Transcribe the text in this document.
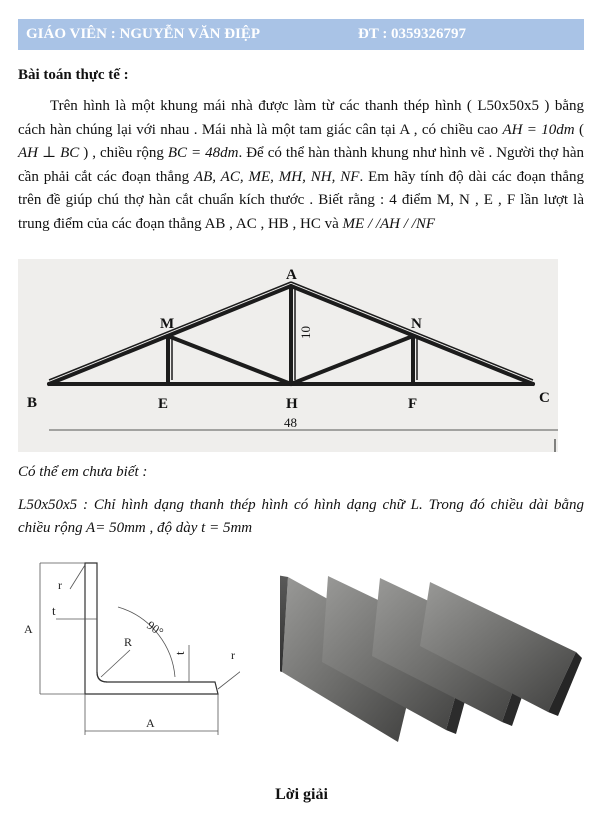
GIÁO VIÊN : NGUYỄN VĂN ĐIỆP	ĐT : 0359326797
Bài toán thực tế :

Trên hình là một khung mái nhà được làm từ các thanh thép hình ( L50x50x5 ) bằng cách hàn chúng lại với nhau . Mái nhà là một tam giác cân tại A , có chiều cao AH = 10dm ( AH ⊥ BC ) , chiều rộng BC = 48dm. Để có thể hàn thành khung như hình vẽ . Người thợ hàn cần phải cắt các đoạn thẳng AB, AC, ME, MH, NH, NF. Em hãy tính độ dài các đoạn thẳng trên đề giúp chú thợ hàn cắt chuẩn kích thước . Biết rằng : 4 điểm M, N , E , F lần lượt là trung điểm của các đoạn thẳng AB , AC , HB , HC và ME / /AH / /NF

A
B	C
M	N
E	H	F
10
48
Có thể em chưa biết :
L50x50x5 : Chỉ hình dạng thanh thép hình có hình dạng chữ L. Trong đó chiều dài bằng chiều rộng A= 50mm , độ dày t = 5mm
A
A
t
t
90°
R
r
r
Lời giải
